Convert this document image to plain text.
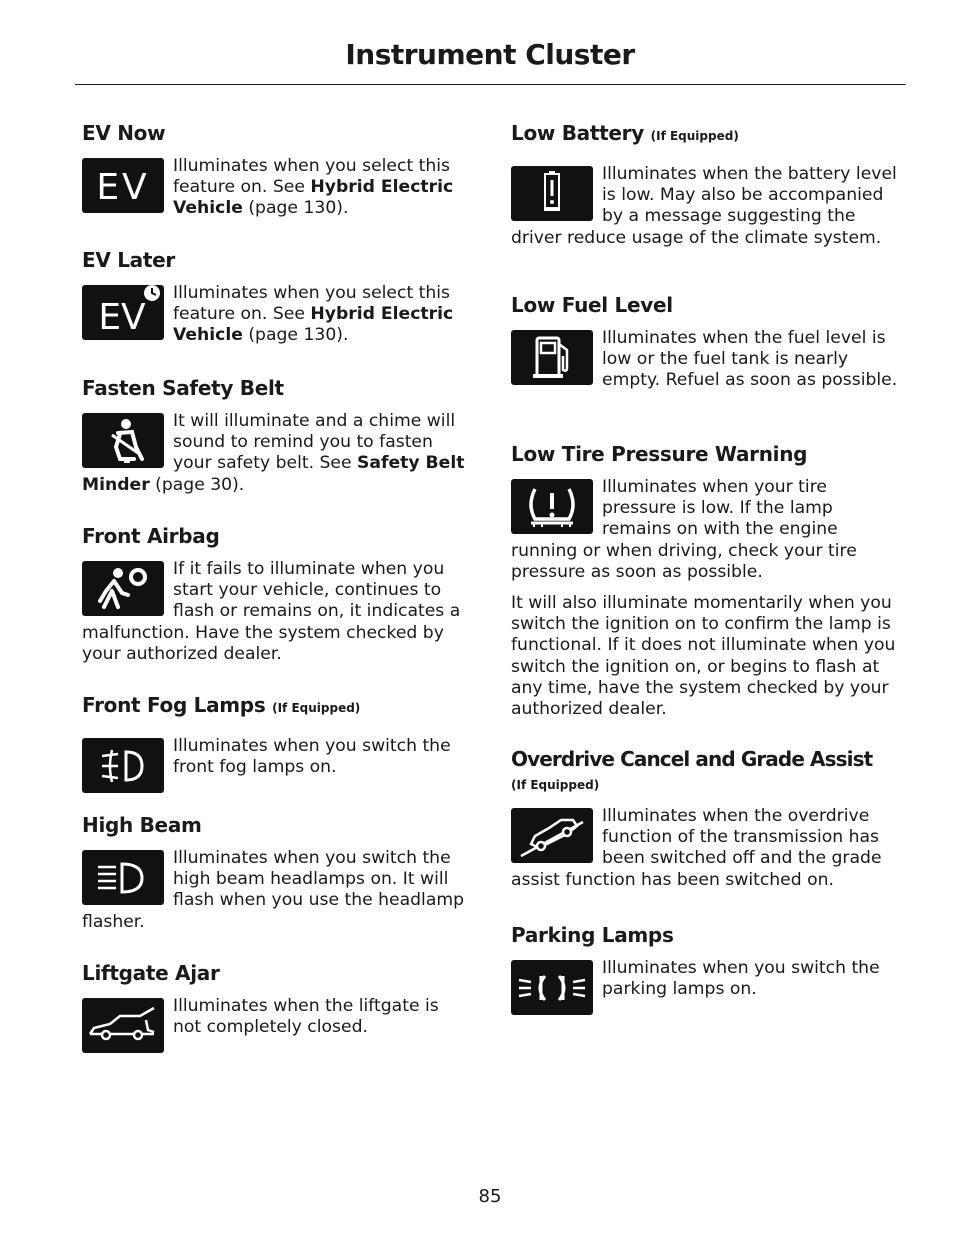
Instrument Cluster
EV Now
EV
Illuminates when you select this feature on. See Hybrid Electric Vehicle (page 130).
EV Later
EV
Illuminates when you select this feature on. See Hybrid Electric Vehicle (page 130).
Fasten Safety Belt
It will illuminate and a chime will sound to remind you to fasten your safety belt. See Safety Belt Minder (page 30).
Front Airbag
If it fails to illuminate when you start your vehicle, continues to flash or remains on, it indicates a malfunction. Have the system checked by your authorized dealer.
Front Fog Lamps (If Equipped)
Illuminates when you switch the front fog lamps on.
High Beam
Illuminates when you switch the high beam headlamps on. It will flash when you use the headlamp flasher.
Liftgate Ajar
Illuminates when the liftgate is not completely closed.
Low Battery (If Equipped)
Illuminates when the battery level is low. May also be accompanied by a message suggesting the driver reduce usage of the climate system.
Low Fuel Level
Illuminates when the fuel level is low or the fuel tank is nearly empty. Refuel as soon as possible.
Low Tire Pressure Warning
Illuminates when your tire pressure is low. If the lamp remains on with the engine running or when driving, check your tire pressure as soon as possible.
It will also illuminate momentarily when you switch the ignition on to confirm the lamp is functional. If it does not illuminate when you switch the ignition on, or begins to flash at any time, have the system checked by your authorized dealer.
Overdrive Cancel and Grade Assist
(If Equipped)
Illuminates when the overdrive function of the transmission has been switched off and the grade assist function has been switched on.
Parking Lamps
Illuminates when you switch the parking lamps on.
85
